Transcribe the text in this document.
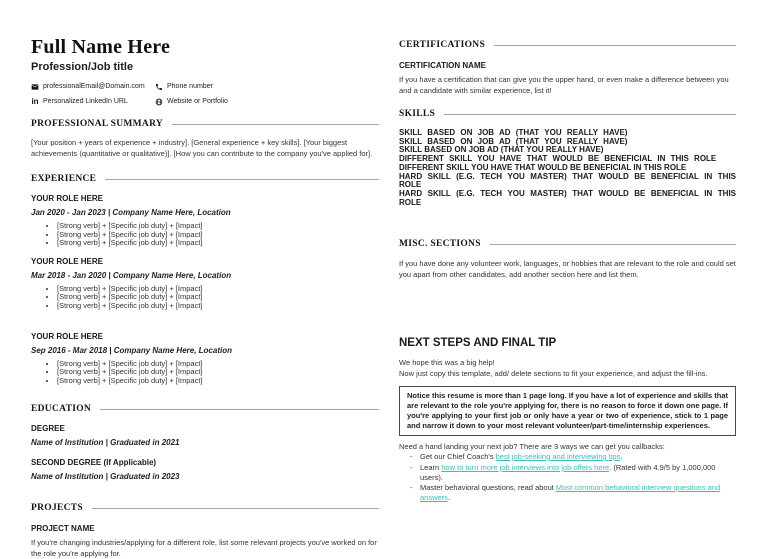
Full Name Here
Profession/Job title
professionalEmail@Domain.com	Phone number
in Personalized LinkedIn URL	Website or Portfolio
PROFESSIONAL SUMMARY
[Your position + years of experience + industry]. [General experience + key skills]. [Your biggest achievements (quantitative or qualitative)]. [How you can contribute to the company you've applied for].
EXPERIENCE
YOUR ROLE HERE
Jan 2020 - Jan 2023 | Company Name Here, Location
• [Strong verb] + [Specific job duty] + [Impact]
• [Strong verb] + [Specific job duty] + [Impact]
• [Strong verb] + [Specific job duty] + [Impact]
YOUR ROLE HERE
Mar 2018 - Jan 2020 | Company Name Here, Location
• [Strong verb] + [Specific job duty] + [Impact]
• [Strong verb] + [Specific job duty] + [Impact]
• [Strong verb] + [Specific job duty] + [Impact]
YOUR ROLE HERE
Sep 2016 - Mar 2018 | Company Name Here, Location
• [Strong verb] + [Specific job duty] + [Impact]
• [Strong verb] + [Specific job duty] + [Impact]
• [Strong verb] + [Specific job duty] + [Impact]
EDUCATION
DEGREE
Name of Institution | Graduated in 2021
SECOND DEGREE (If Applicable)
Name of Institution | Graduated in 2023
PROJECTS
PROJECT NAME
If you're changing industries/applying for a different role, list some relevant projects you've worked on for the role you're applying for.
CERTIFICATIONS
CERTIFICATION NAME
If you have a certification that can give you the upper hand, or even make a difference between you and a candidate with similar experience, list it!
SKILLS
SKILL BASED ON JOB AD (THAT YOU REALLY HAVE)
SKILL BASED ON JOB AD (THAT YOU REALLY HAVE)
SKILL BASED ON JOB AD (THAT YOU REALLY HAVE)
DIFFERENT SKILL YOU HAVE THAT WOULD BE BENEFICIAL IN THIS ROLE
DIFFERENT SKILL YOU HAVE THAT WOULD BE BENEFICIAL IN THIS ROLE
HARD SKILL (E.G. TECH YOU MASTER) THAT WOULD BE BENEFICIAL IN THIS ROLE
HARD SKILL (E.G. TECH YOU MASTER) THAT WOULD BE BENEFICIAL IN THIS ROLE
MISC. SECTIONS
If you have done any volunteer work, languages, or hobbies that are relevant to the role and could set you apart from other candidates, add another section here and list them.
NEXT STEPS AND FINAL TIP
We hope this was a big help!
Now just copy this template, add/ delete sections to fit your experience, and adjust the fill-ins.
Notice this resume is more than 1 page long. If you have a lot of experience and skills that are relevant to the role you're applying for, there is no reason to force it down one page. If you're applying to your first job or only have a year or two of experience, stick to 1 page and narrow it down to your most relevant volunteer/part-time/internship experiences.
Need a hand landing your next job? There are 3 ways we can get you callbacks:
-	Get our Chief Coach's best job-seeking and interviewing tips.
-	Learn how to turn more job interviews into job offers here. (Rated with 4.9/5 by 1,000,000 users).
-	Master behavioral questions, read about Most common behavioral interview questions and answers.
